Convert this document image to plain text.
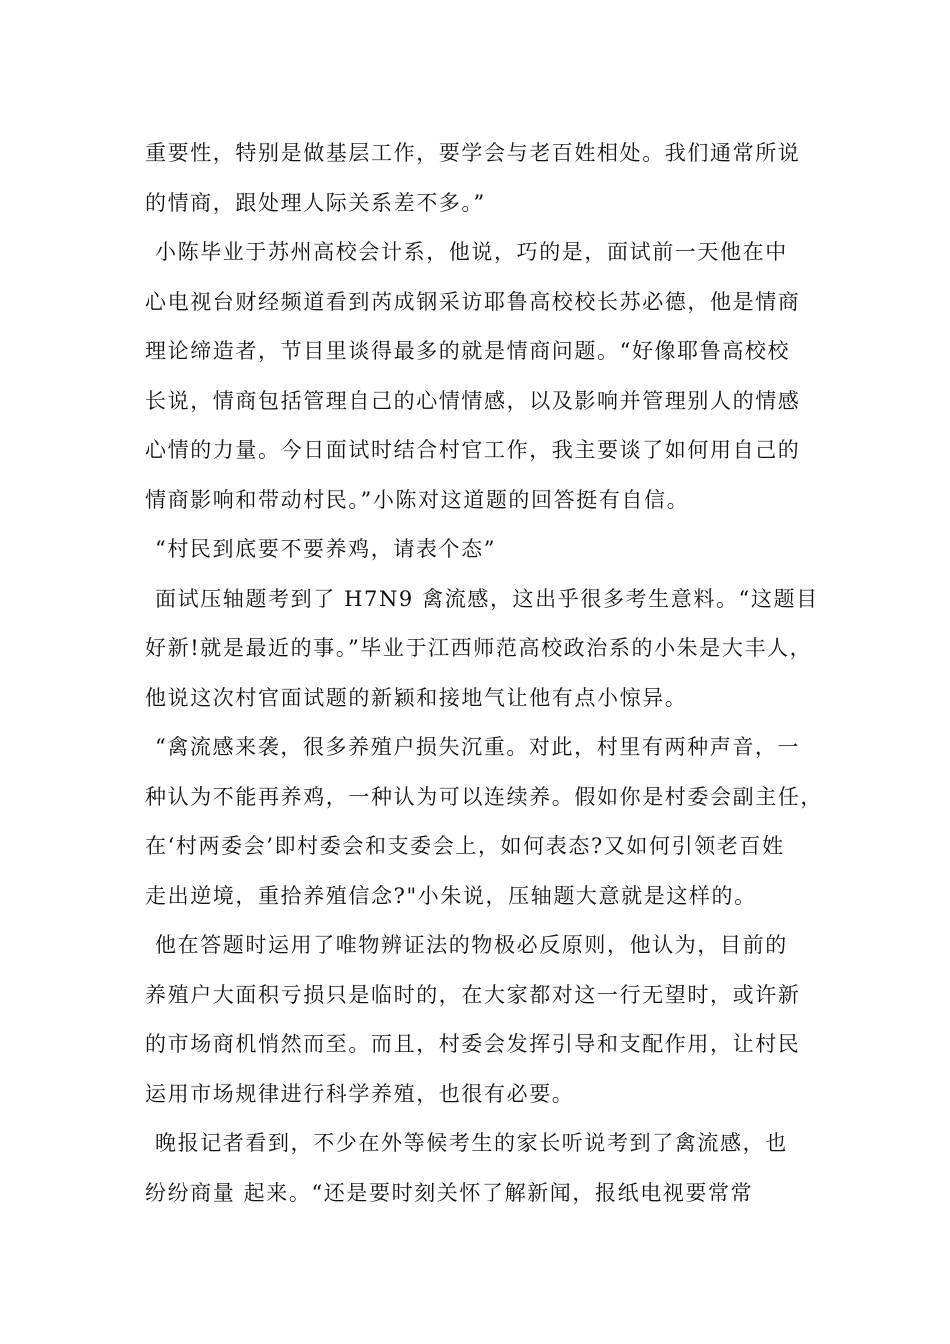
重要性，特别是做基层工作，要学会与老百姓相处。我们通常所说
的情商，跟处理人际关系差不多。”
小陈毕业于苏州高校会计系，他说，巧的是，面试前一天他在中
心电视台财经频道看到芮成钢采访耶鲁高校校长苏必德，他是情商
理论缔造者，节目里谈得最多的就是情商问题。“好像耶鲁高校校
长说，情商包括管理自己的心情情感，以及影响并管理别人的情感
心情的力量。今日面试时结合村官工作，我主要谈了如何用自己的
情商影响和带动村民。”小陈对这道题的回答挺有自信。
“村民到底要不要养鸡，请表个态”
面试压轴题考到了 H7N9 禽流感，这出乎很多考生意料。“这题目
好新!就是最近的事。”毕业于江西师范高校政治系的小朱是大丰人，
他说这次村官面试题的新颖和接地气让他有点小惊异。
“禽流感来袭，很多养殖户损失沉重。对此，村里有两种声音，一
种认为不能再养鸡，一种认为可以连续养。假如你是村委会副主任，
在‘村两委会’即村委会和支委会上，如何表态?又如何引领老百姓
走出逆境，重拾养殖信念?"小朱说，压轴题大意就是这样的。
他在答题时运用了唯物辨证法的物极必反原则，他认为，目前的
养殖户大面积亏损只是临时的，在大家都对这一行无望时，或许新
的市场商机悄然而至。而且，村委会发挥引导和支配作用，让村民
运用市场规律进行科学养殖，也很有必要。
晚报记者看到，不少在外等候考生的家长听说考到了禽流感，也
纷纷商量 起来。“还是要时刻关怀了解新闻，报纸电视要常常
